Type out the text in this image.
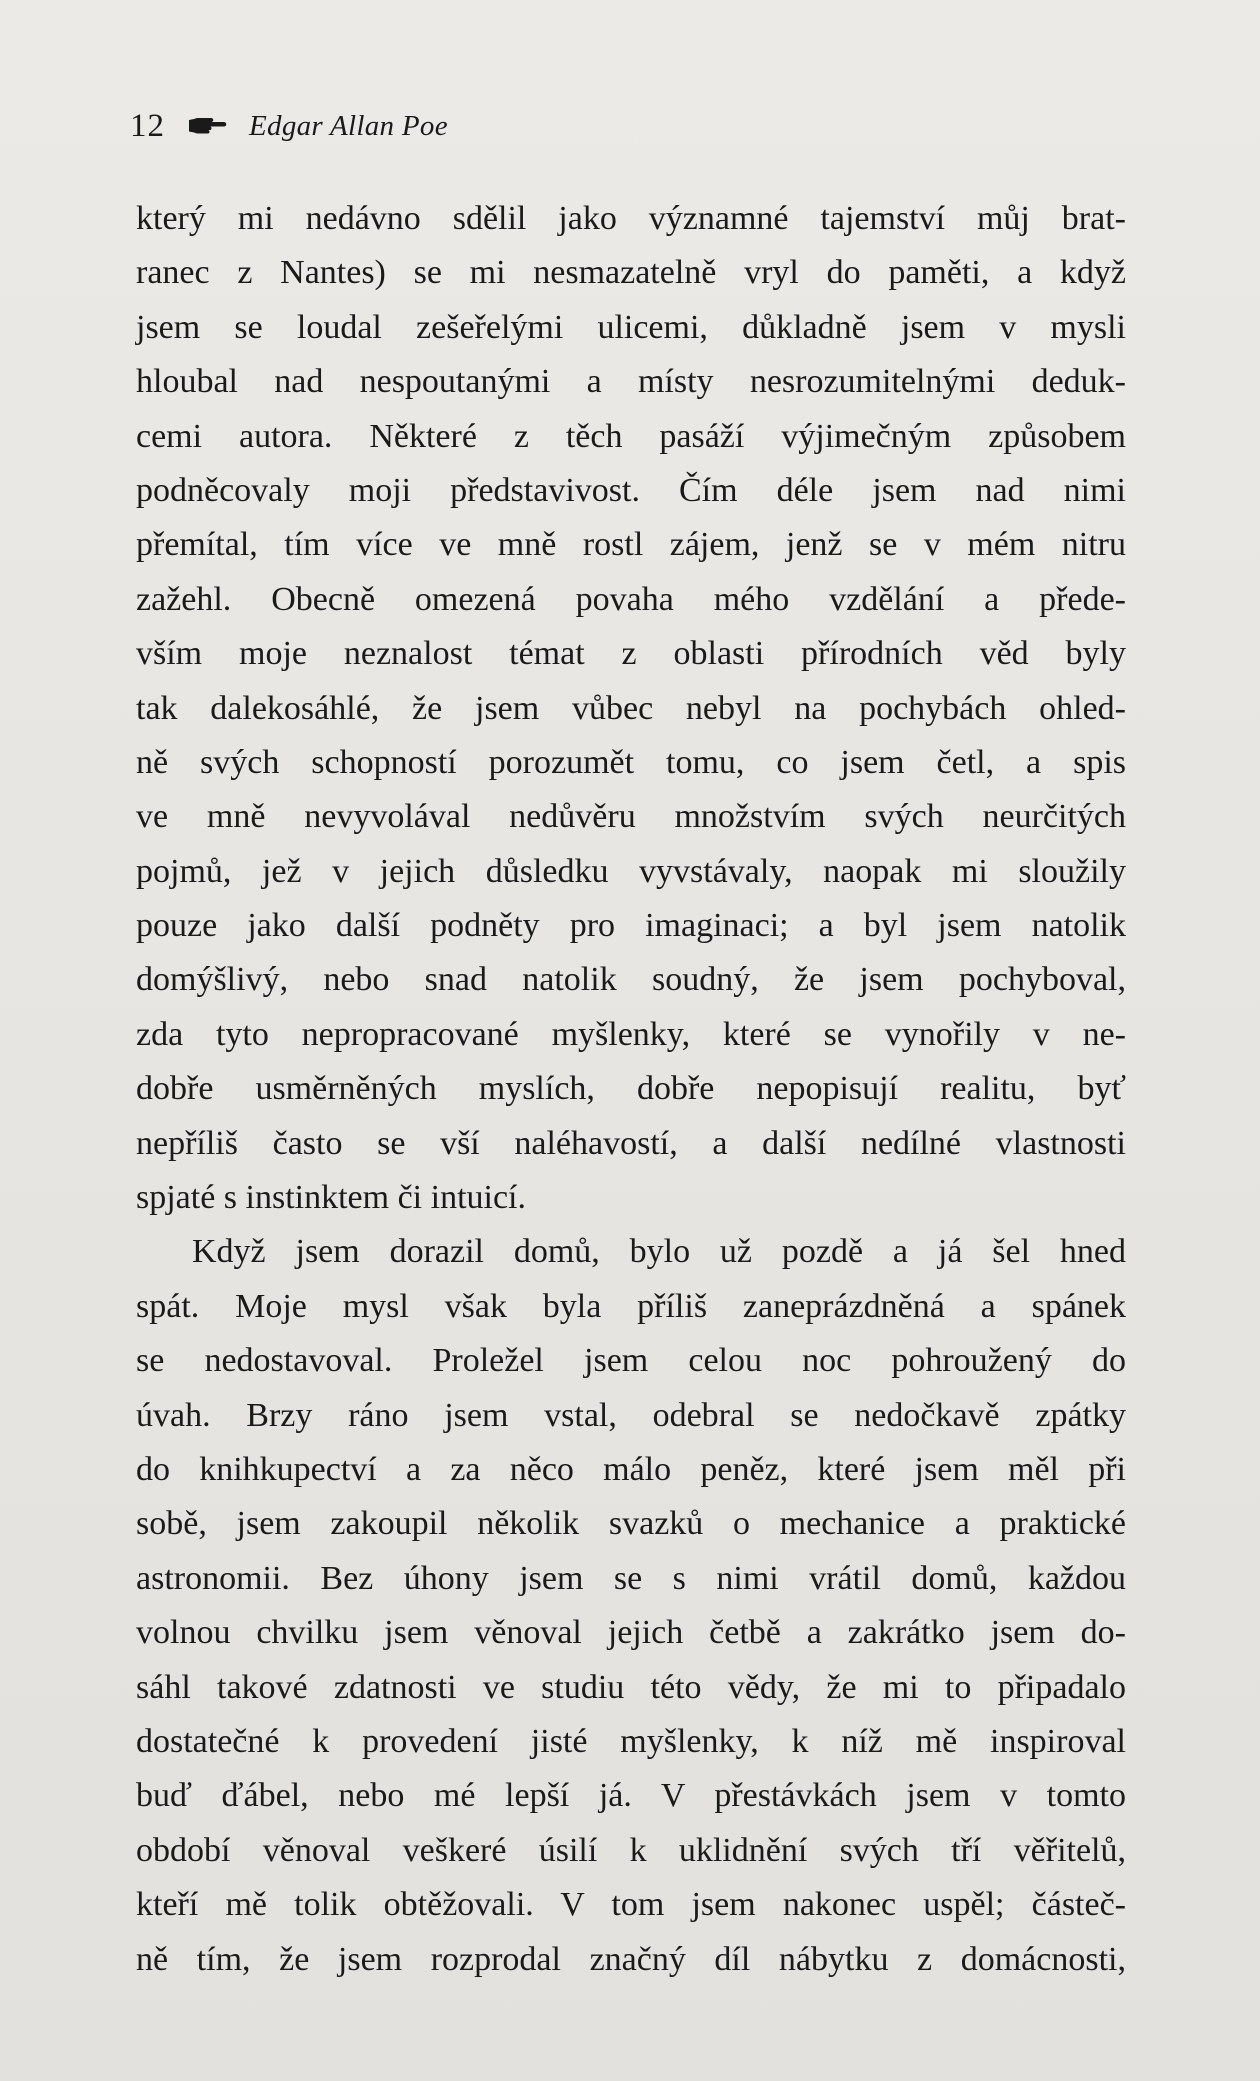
12	Edgar Allan Poe
který mi nedávno sdělil jako významné tajemství můj brat-
ranec z Nantes) se mi nesmazatelně vryl do paměti, a když
jsem se loudal zešeřelými ulicemi, důkladně jsem v mysli
hloubal nad nespoutanými a místy nesrozumitelnými deduk-
cemi autora. Některé z těch pasáží výjimečným způsobem
podněcovaly moji představivost. Čím déle jsem nad nimi
přemítal, tím více ve mně rostl zájem, jenž se v mém nitru
zažehl. Obecně omezená povaha mého vzdělání a přede-
vším moje neznalost témat z oblasti přírodních věd byly
tak dalekosáhlé, že jsem vůbec nebyl na pochybách ohled-
ně svých schopností porozumět tomu, co jsem četl, a spis
ve mně nevyvolával nedůvěru množstvím svých neurčitých
pojmů, jež v jejich důsledku vyvstávaly, naopak mi sloužily
pouze jako další podněty pro imaginaci; a byl jsem natolik
domýšlivý, nebo snad natolik soudný, že jsem pochyboval,
zda tyto nepropracované myšlenky, které se vynořily v ne-
dobře usměrněných myslích, dobře nepopisují realitu, byť
nepříliš často se vší naléhavostí, a další nedílné vlastnosti
spjaté s instinktem či intuicí.
Když jsem dorazil domů, bylo už pozdě a já šel hned
spát. Moje mysl však byla příliš zaneprázdněná a spánek
se nedostavoval. Proležel jsem celou noc pohroužený do
úvah. Brzy ráno jsem vstal, odebral se nedočkavě zpátky
do knihkupectví a za něco málo peněz, které jsem měl při
sobě, jsem zakoupil několik svazků o mechanice a praktické
astronomii. Bez úhony jsem se s nimi vrátil domů, každou
volnou chvilku jsem věnoval jejich četbě a zakrátko jsem do-
sáhl takové zdatnosti ve studiu této vědy, že mi to připadalo
dostatečné k provedení jisté myšlenky, k níž mě inspiroval
buď ďábel, nebo mé lepší já. V přestávkách jsem v tomto
období věnoval veškeré úsilí k uklidnění svých tří věřitelů,
kteří mě tolik obtěžovali. V tom jsem nakonec uspěl; částeč-
ně tím, že jsem rozprodal značný díl nábytku z domácnosti,
